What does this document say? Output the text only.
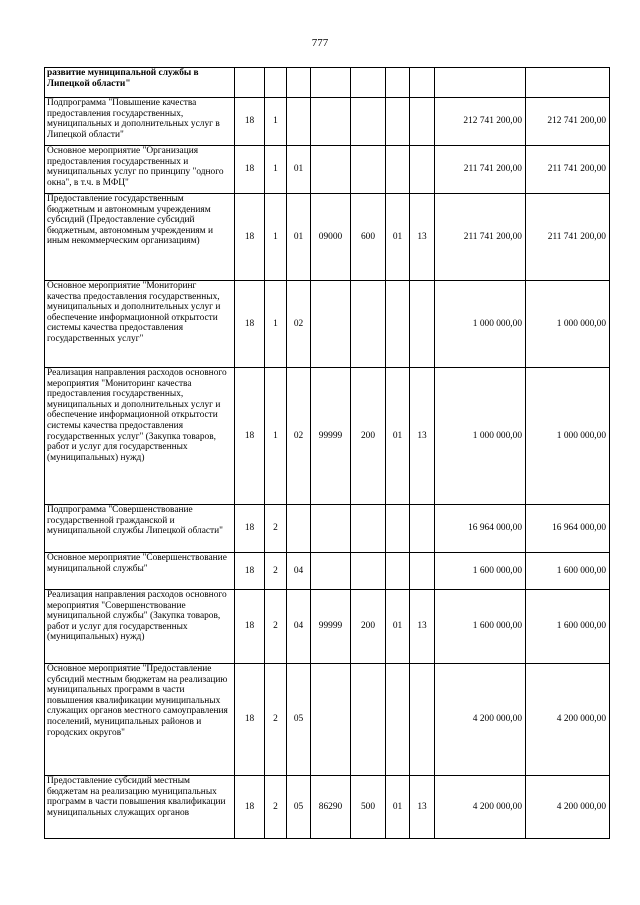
777
развитие муниципальной службы в Липецкой области"									
Подпрограмма "Повышение качества предоставления государственных, муниципальных и дополнительных услуг в Липецкой области"	18	1						212 741 200,00	212 741 200,00
Основное мероприятие "Организация предоставления государственных и муниципальных услуг по принципу "одного окна", в т.ч. в МФЦ"	18	1	01					211 741 200,00	211 741 200,00
Предоставление государственным бюджетным и автономным учреждениям субсидий (Предоставление субсидий бюджетным, автономным учреждениям и иным некоммерческим организациям)	18	1	01	09000	600	01	13	211 741 200,00	211 741 200,00
Основное мероприятие "Мониторинг качества предоставления государственных, муниципальных и дополнительных услуг и обеспечение информационной открытости системы качества предоставления государственных услуг"	18	1	02					1 000 000,00	1 000 000,00
Реализация направления расходов основного мероприятия "Мониторинг качества предоставления государственных, муниципальных и дополнительных услуг и обеспечение информационной открытости системы качества предоставления государственных услуг" (Закупка товаров, работ и услуг для государственных (муниципальных) нужд)	18	1	02	99999	200	01	13	1 000 000,00	1 000 000,00
Подпрограмма "Совершенствование государственной гражданской и муниципальной службы Липецкой области"	18	2						16 964 000,00	16 964 000,00
Основное мероприятие "Совершенствование муниципальной службы"	18	2	04					1 600 000,00	1 600 000,00
Реализация направления расходов основного мероприятия "Совершенствование муниципальной службы" (Закупка товаров, работ и услуг для государственных (муниципальных) нужд)	18	2	04	99999	200	01	13	1 600 000,00	1 600 000,00
Основное мероприятие "Предоставление субсидий местным бюджетам на реализацию муниципальных программ в части повышения квалификации муниципальных служащих органов местного самоуправления поселений, муниципальных районов и городских округов"	18	2	05					4 200 000,00	4 200 000,00
Предоставление субсидий местным бюджетам на реализацию муниципальных программ в части повышения квалификации муниципальных служащих органов	18	2	05	86290	500	01	13	4 200 000,00	4 200 000,00
